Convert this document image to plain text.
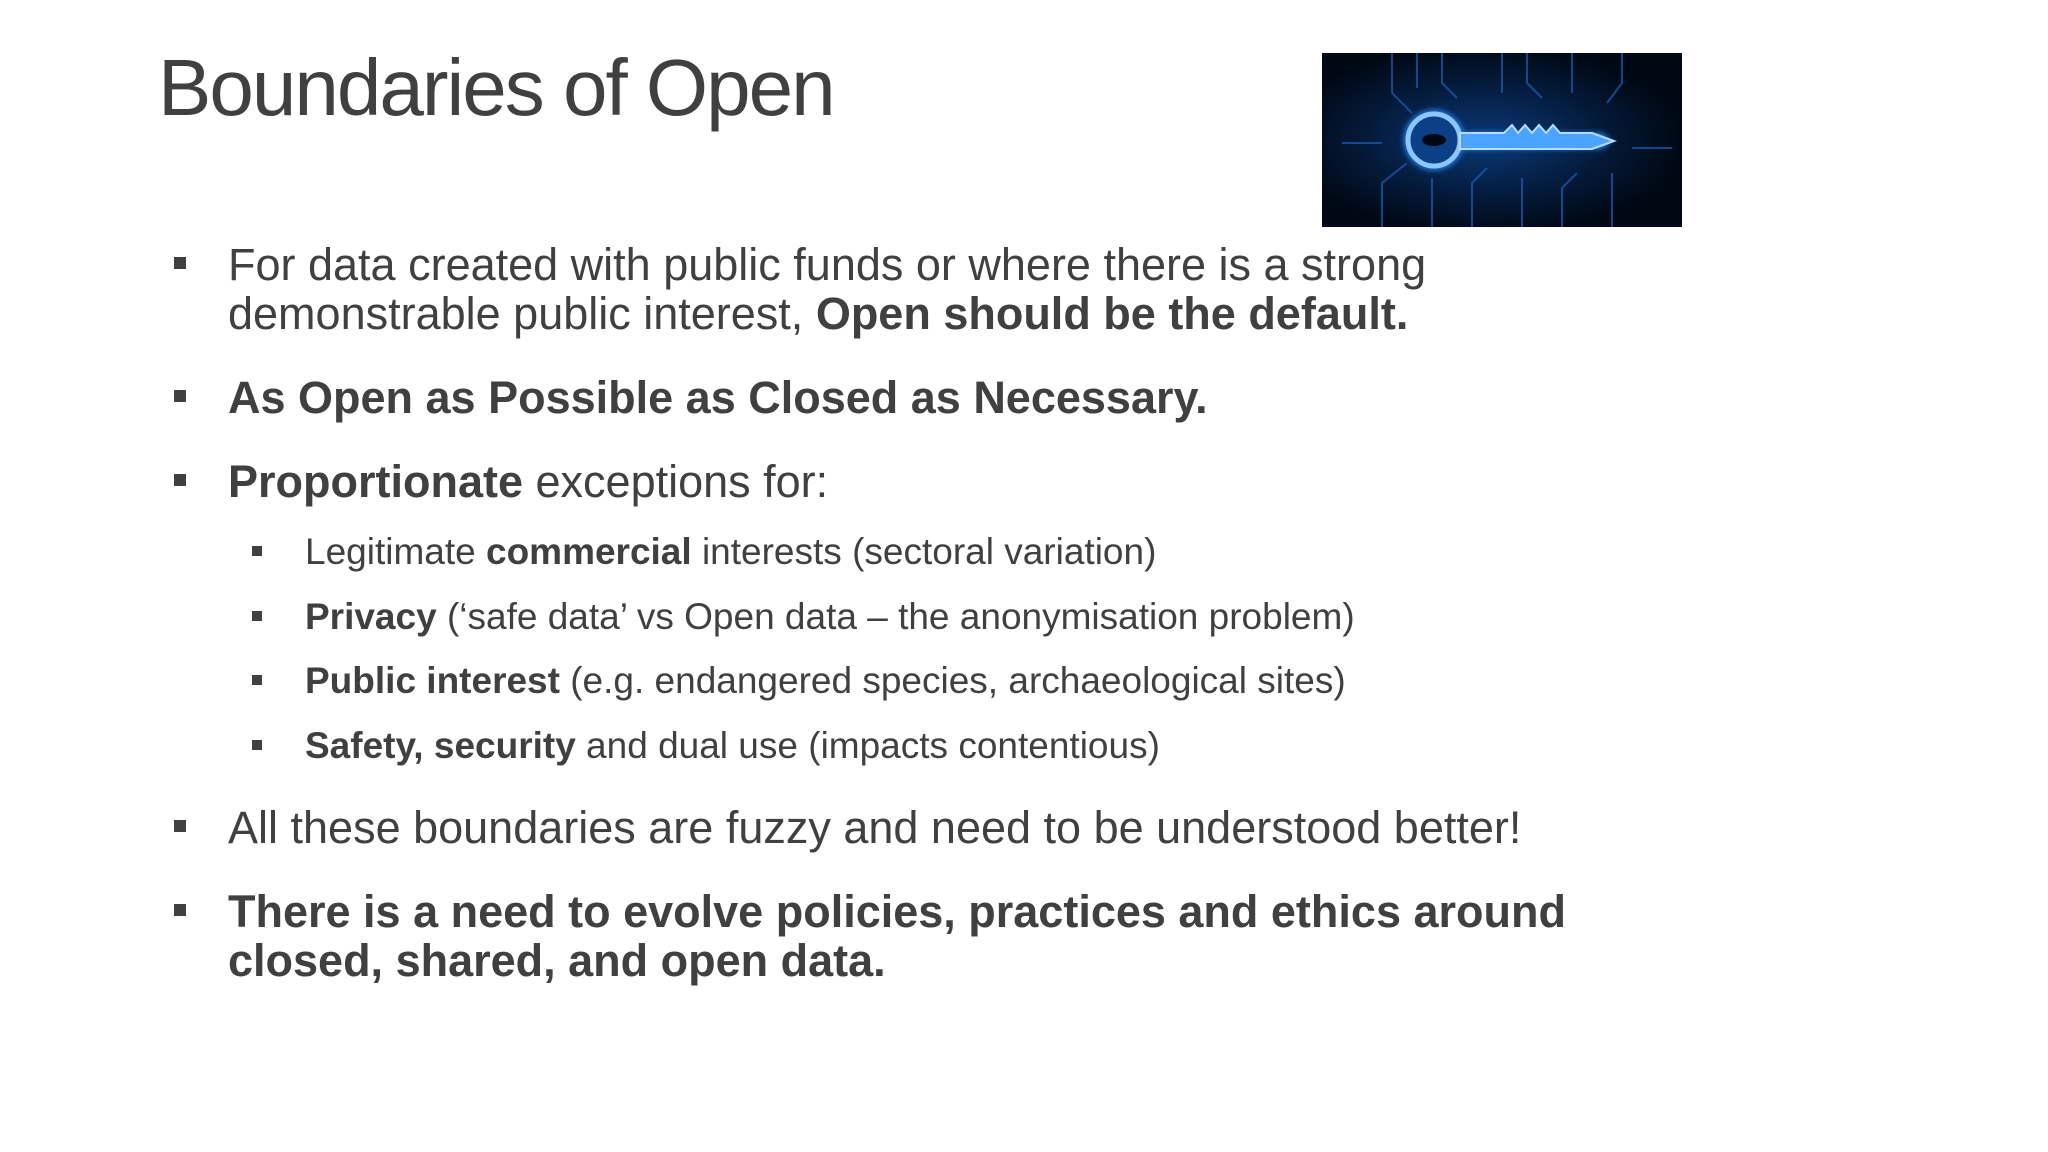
Boundaries of Open
For data created with public funds or where there is a strong
demonstrable public interest, Open should be the default.
As Open as Possible as Closed as Necessary.
Proportionate exceptions for:
Legitimate commercial interests (sectoral variation)
Privacy (‘safe data’ vs Open data – the anonymisation problem)
Public interest (e.g. endangered species, archaeological sites)
Safety, security and dual use (impacts contentious)
All these boundaries are fuzzy and need to be understood better!
There is a need to evolve policies, practices and ethics around
closed, shared, and open data.
